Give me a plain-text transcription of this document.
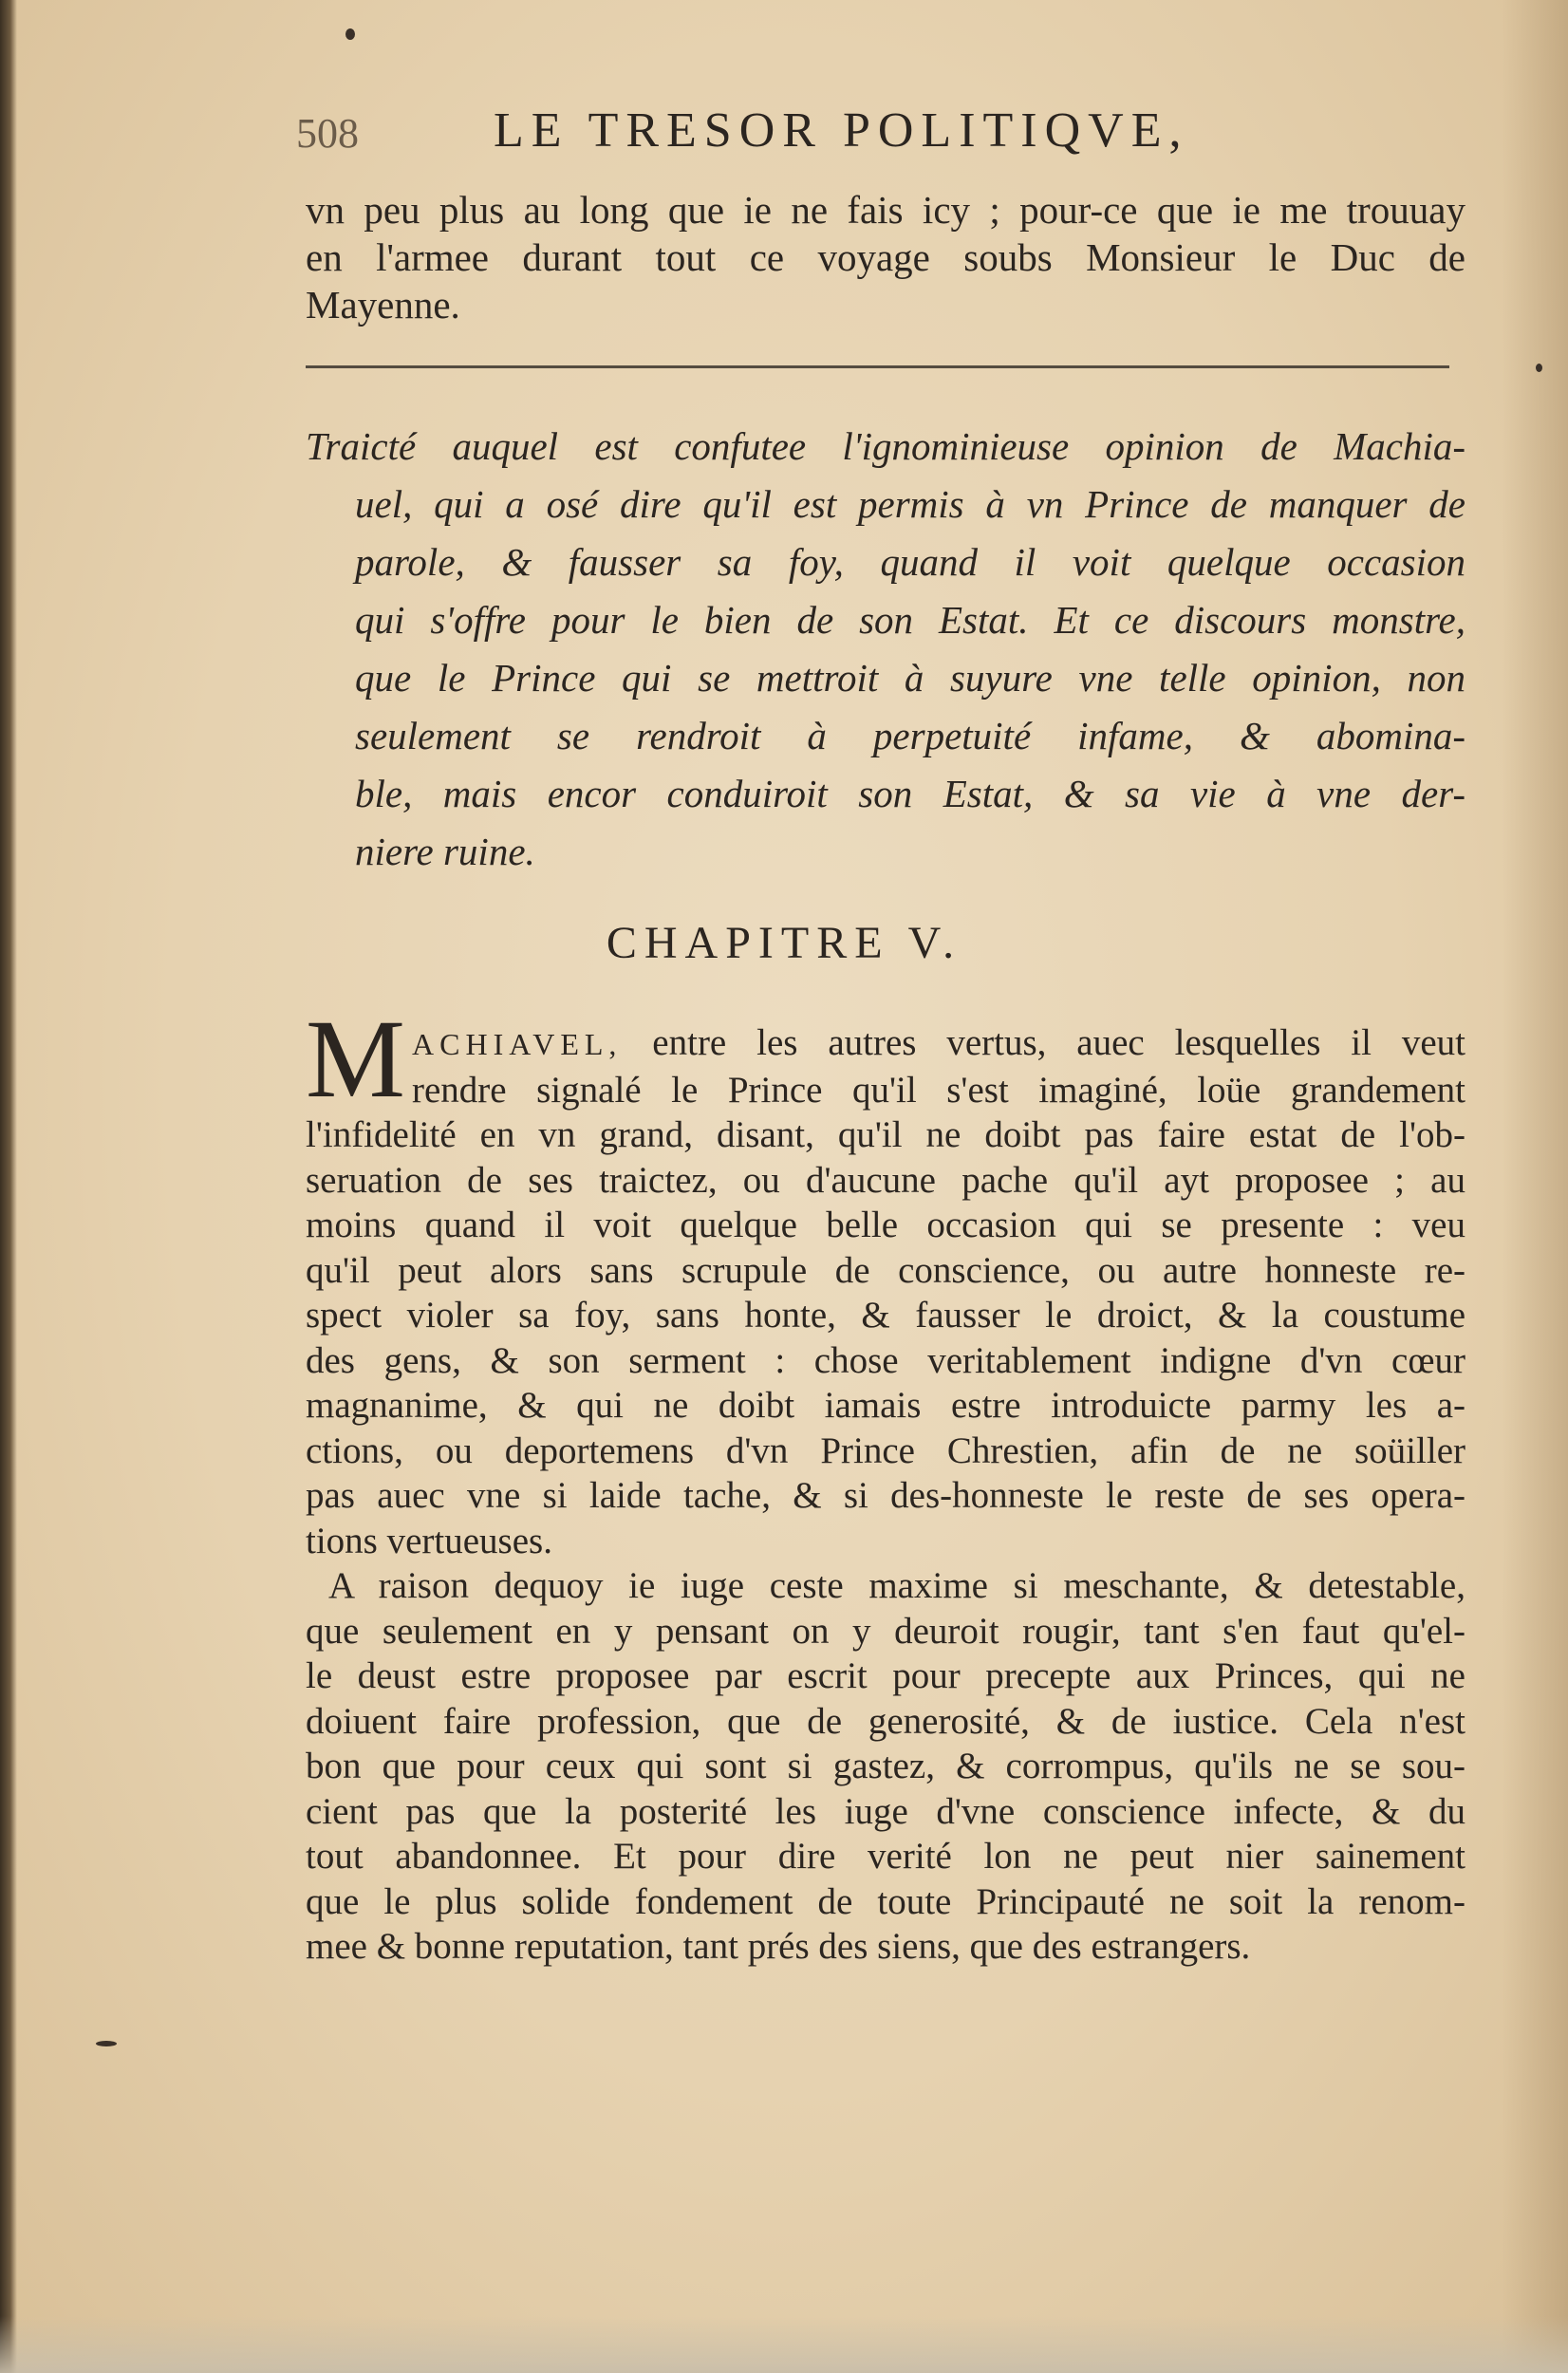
508	LE TRESOR POLITIQVE,
vn peu plus au long que ie ne fais icy ; pour-ce que ie me trouuay
en l'armee durant tout ce voyage soubs Monsieur le Duc de
Mayenne.
Traicté auquel est confutee l'ignominieuse opinion de Machia-
uel, qui a osé dire qu'il est permis à vn Prince de manquer de
parole, & fausser sa foy, quand il voit quelque occasion
qui s'offre pour le bien de son Estat. Et ce discours monstre,
que le Prince qui se mettroit à suyure vne telle opinion, non
seulement se rendroit à perpetuité infame, & abomina-
ble, mais encor conduiroit son Estat, & sa vie à vne der-
niere ruine.
CHAPITRE V.
M ACHIAVEL, entre les autres vertus, auec lesquelles il veut
rendre signalé le Prince qu'il s'est imaginé, loüe grandement
l'infidelité en vn grand, disant, qu'il ne doibt pas faire estat de l'ob-
seruation de ses traictez, ou d'aucune pache qu'il ayt proposee ; au
moins quand il voit quelque belle occasion qui se presente : veu
qu'il peut alors sans scrupule de conscience, ou autre honneste re-
spect violer sa foy, sans honte, & fausser le droict, & la coustume
des gens, & son serment : chose veritablement indigne d'vn cœur
magnanime, & qui ne doibt iamais estre introduicte parmy les a-
ctions, ou deportemens d'vn Prince Chrestien, afin de ne soüiller
pas auec vne si laide tache, & si des-honneste le reste de ses opera-
tions vertueuses.
A raison dequoy ie iuge ceste maxime si meschante, & detestable,
que seulement en y pensant on y deuroit rougir, tant s'en faut qu'el-
le deust estre proposee par escrit pour precepte aux Princes, qui ne
doiuent faire profession, que de generosité, & de iustice. Cela n'est
bon que pour ceux qui sont si gastez, & corrompus, qu'ils ne se sou-
cient pas que la posterité les iuge d'vne conscience infecte, & du
tout abandonnee. Et pour dire verité lon ne peut nier sainement
que le plus solide fondement de toute Principauté ne soit la renom-
mee & bonne reputation, tant prés des siens, que des estrangers.
